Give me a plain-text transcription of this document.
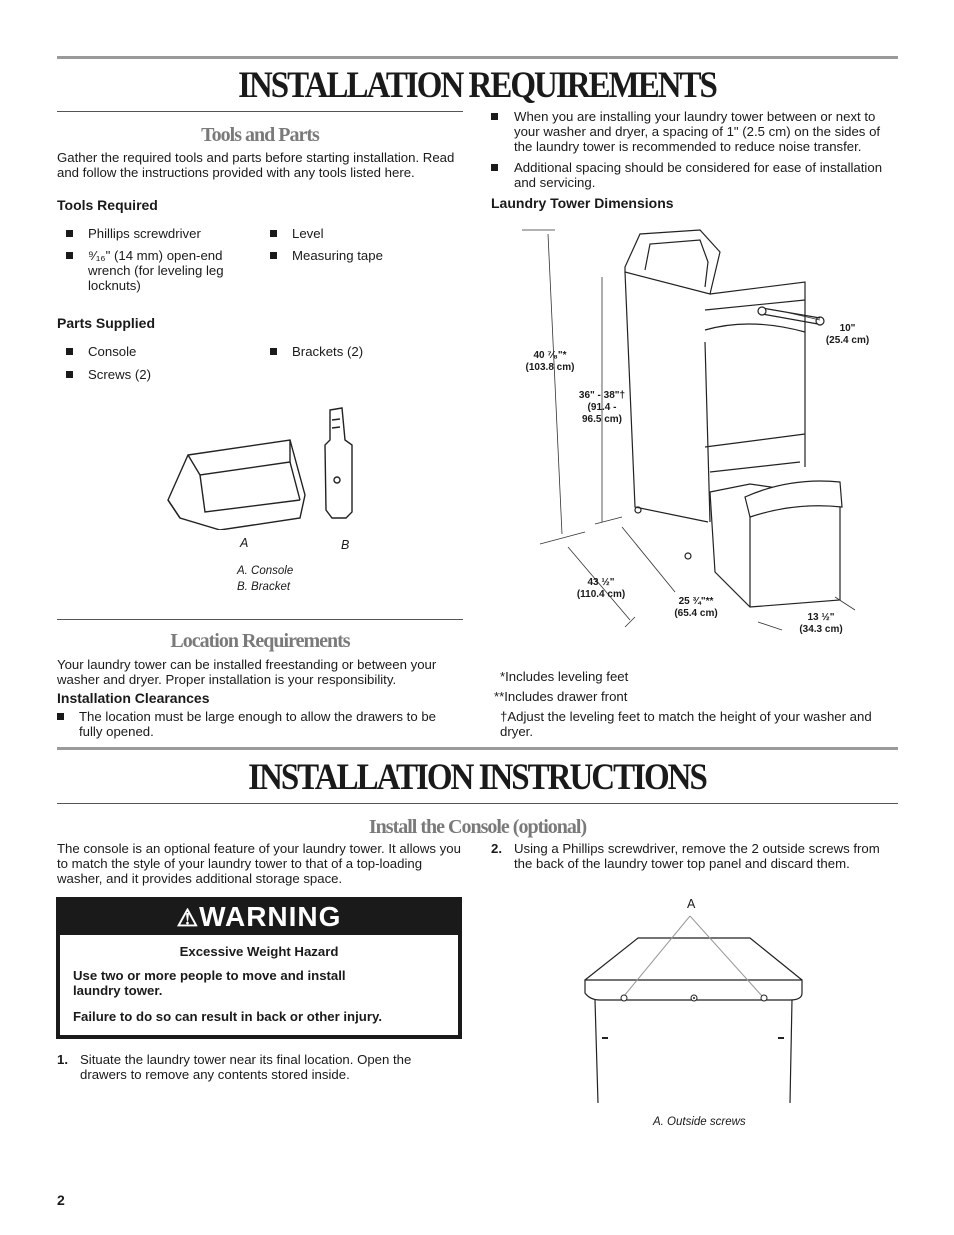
INSTALLATION REQUIREMENTS
Tools and Parts
Gather the required tools and parts before starting installation. Read and follow the instructions provided with any tools listed here.
Tools Required
Phillips screwdriver	Level
⁹⁄₁₆" (14 mm) open-end wrench (for leveling leg locknuts)
Measuring tape
Parts Supplied
Console	Brackets (2)
Screws (2)
A	B
A. Console
B. Bracket
Location Requirements
Your laundry tower can be installed freestanding or between your washer and dryer. Proper installation is your responsibility.
Installation Clearances
The location must be large enough to allow the drawers to be fully opened.
When you are installing your laundry tower between or next to your washer and dryer, a spacing of 1" (2.5 cm) on the sides of the laundry tower is recommended to reduce noise transfer.
Additional spacing should be considered for ease of installation and servicing.
Laundry Tower Dimensions
40 ⁷⁄₈"*
(103.8 cm)
36" - 38"†
(91.4 -
96.5 cm)
10"
(25.4 cm)
43 ½"
(110.4 cm)
25 ¾"**
(65.4 cm)	13 ½"
(34.3 cm)
*Includes leveling feet
**Includes drawer front
†Adjust the leveling feet to match the height of your washer and dryer.
INSTALLATION INSTRUCTIONS
Install the Console (optional)
The console is an optional feature of your laundry tower. It allows you to match the style of your laundry tower to that of a top-loading washer, and it provides additional storage space.
⚠WARNING
Excessive Weight Hazard
Use two or more people to move and install laundry tower.
Failure to do so can result in back or other injury.
1. Situate the laundry tower near its final location. Open the drawers to remove any contents stored inside.
2. Using a Phillips screwdriver, remove the 2 outside screws from the back of the laundry tower top panel and discard them.
A
A. Outside screws
2
